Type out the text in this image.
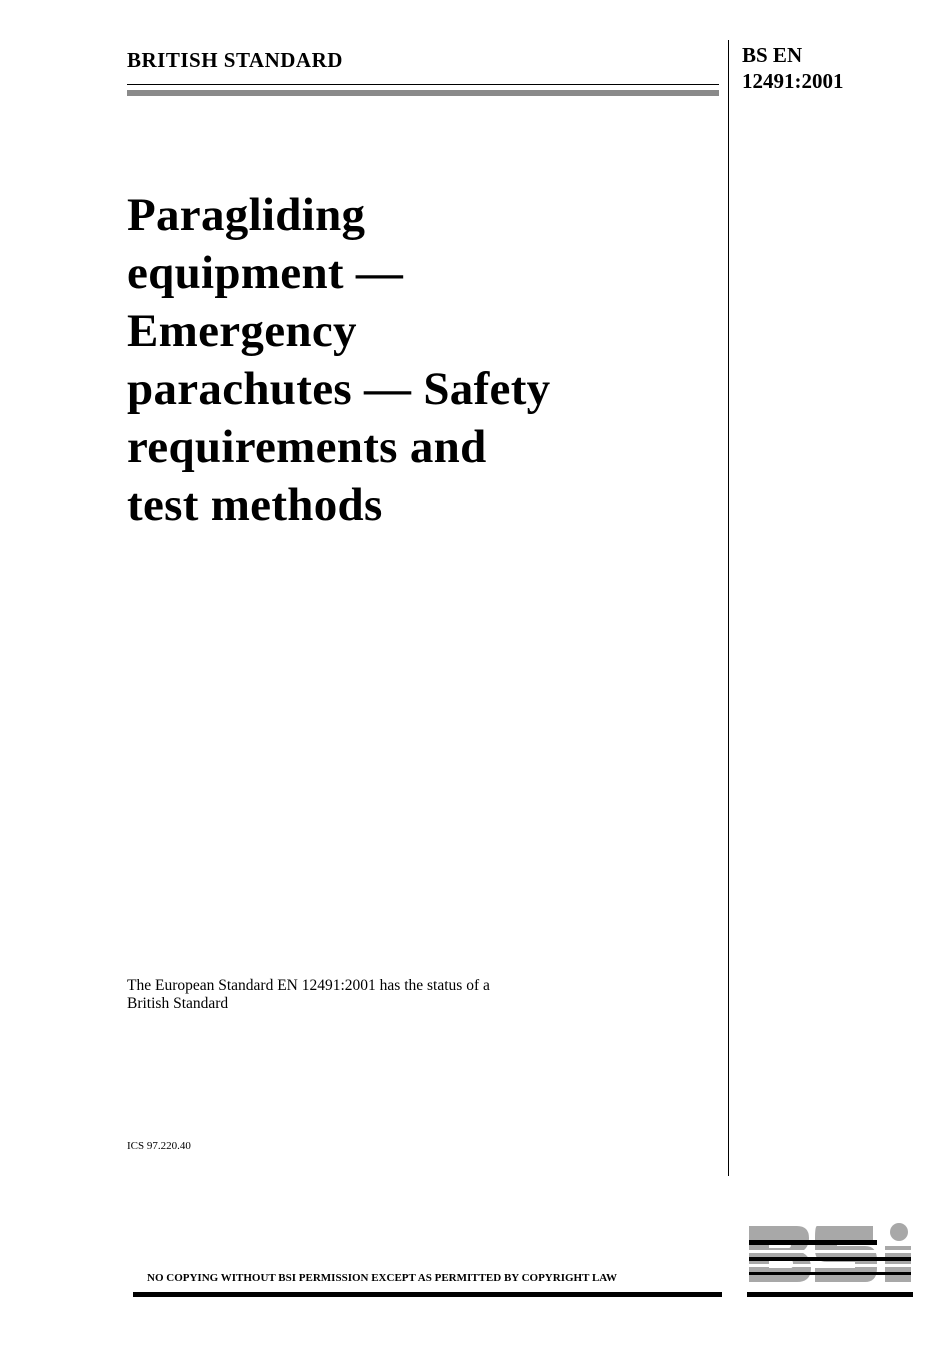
BRITISH STANDARD	BS EN
12491:2001
Paragliding
equipment —
Emergency
parachutes — Safety
requirements and
test methods
The European Standard EN 12491:2001 has the status of a
British Standard
ICS 97.220.40
NO COPYING WITHOUT BSI PERMISSION EXCEPT AS PERMITTED BY COPYRIGHT LAW
